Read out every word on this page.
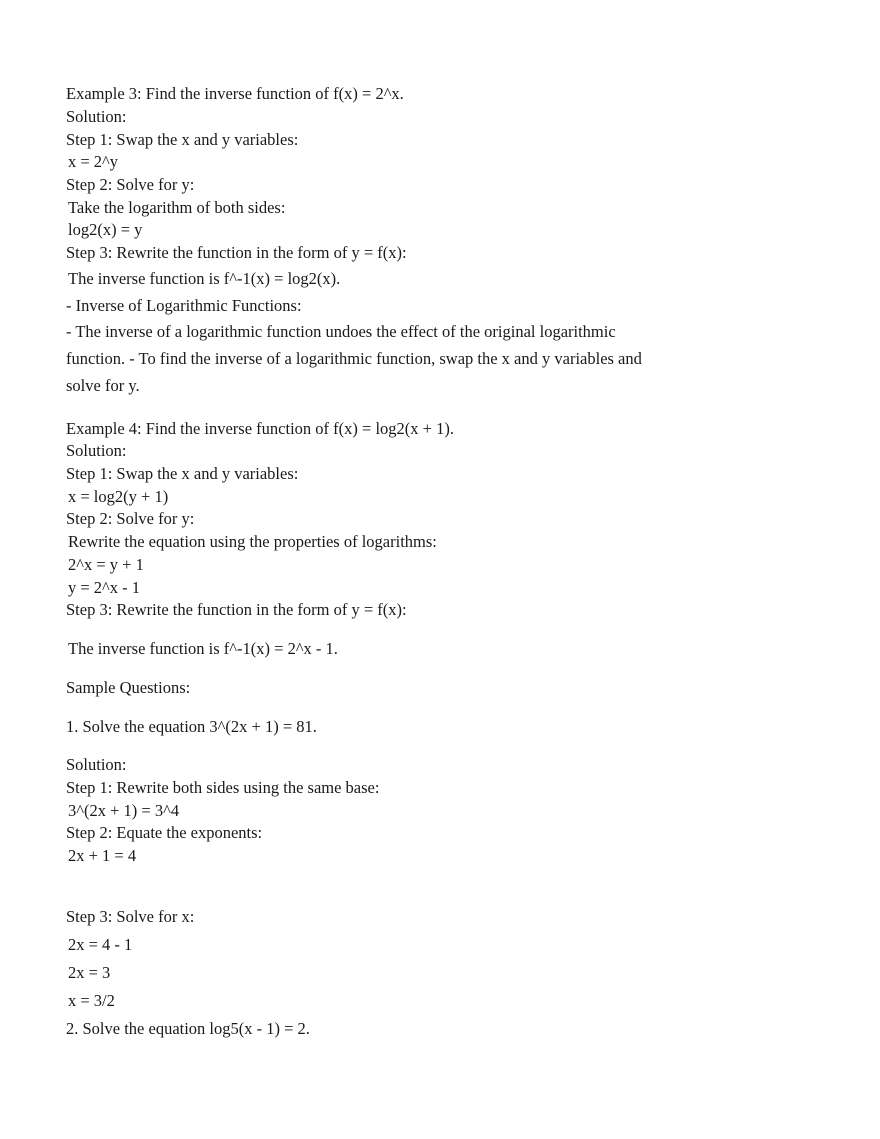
Example 3: Find the inverse function of f(x) = 2^x.

Solution:

Step 1: Swap the x and y variables:

x = 2^y

Step 2: Solve for y:

Take the logarithm of both sides:

log2(x) = y

Step 3: Rewrite the function in the form of y = f(x):

The inverse function is f^-1(x) = log2(x).

- Inverse of Logarithmic Functions:

- The inverse of a logarithmic function undoes the effect of the original logarithmic

function. - To find the inverse of a logarithmic function, swap the x and y variables and

solve for y.

Example 4: Find the inverse function of f(x) = log2(x + 1).

Solution:

Step 1: Swap the x and y variables:

x = log2(y + 1)

Step 2: Solve for y:

Rewrite the equation using the properties of logarithms:

2^x = y + 1

y = 2^x - 1

Step 3: Rewrite the function in the form of y = f(x):

The inverse function is f^-1(x) = 2^x - 1.

Sample Questions:

1. Solve the equation 3^(2x + 1) = 81.

Solution:

Step 1: Rewrite both sides using the same base:

3^(2x + 1) = 3^4

Step 2: Equate the exponents:

2x + 1 = 4

Step 3: Solve for x:

2x = 4 - 1

2x = 3

x = 3/2

2. Solve the equation log5(x - 1) = 2.
